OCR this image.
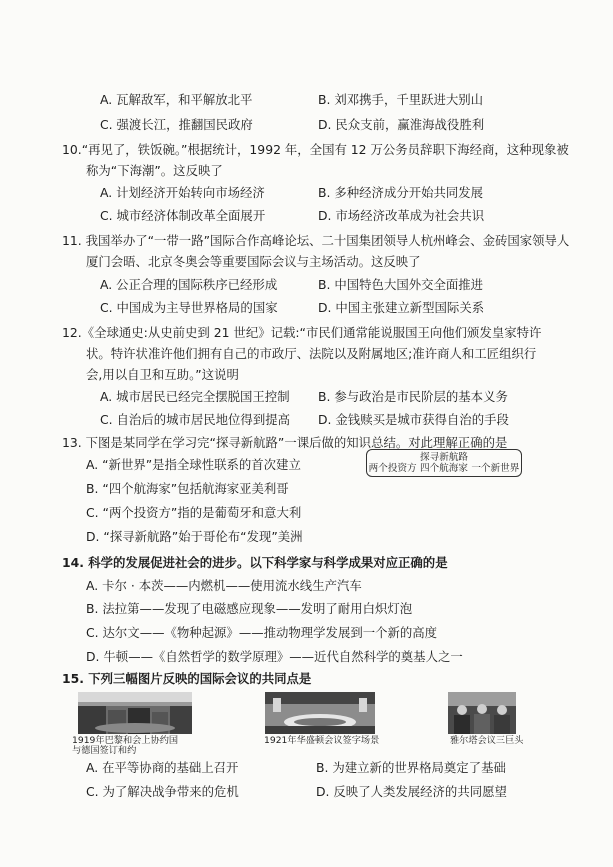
A. 瓦解敌军，和平解放北平	B. 刘邓携手，千里跃进大别山
C. 强渡长江，推翻国民政府	D. 民众支前，赢淮海战役胜利
10.“再见了，铁饭碗。”根据统计，1992 年，全国有 12 万公务员辞职下海经商，这种现象被
称为“下海潮”。这反映了
A. 计划经济开始转向市场经济	B. 多种经济成分开始共同发展
C. 城市经济体制改革全面展开	D. 市场经济改革成为社会共识
11. 我国举办了“一带一路”国际合作高峰论坛、二十国集团领导人杭州峰会、金砖国家领导人
厦门会晤、北京冬奥会等重要国际会议与主场活动。这反映了
A. 公正合理的国际秩序已经形成	B. 中国特色大国外交全面推进
C. 中国成为主导世界格局的国家	D. 中国主张建立新型国际关系
12.《全球通史:从史前史到 21 世纪》记载:“市民们通常能说服国王向他们颁发皇家特许
状。特许状准许他们拥有自己的市政厅、法院以及附属地区;准许商人和工匠组织行
会,用以自卫和互助。”这说明
A. 城市居民已经完全摆脱国王控制 B. 参与政治是市民阶层的基本义务
C. 自治后的城市居民地位得到提高 D. 金钱赎买是城市获得自治的手段
13. 下图是某同学在学习完“探寻新航路”一课后做的知识总结。对此理解正确的是
A. “新世界”是指全球性联系的首次建立
B. “四个航海家”包括航海家亚美利哥
C. “两个投资方”指的是葡萄牙和意大利
D. “探寻新航路”始于哥伦布“发现”美洲
探寻新航路
两个投资方 四个航海家 一个新世界
14. 科学的发展促进社会的进步。以下科学家与科学成果对应正确的是
A. 卡尔 · 本茨——内燃机——使用流水线生产汽车
B. 法拉第——发现了电磁感应现象——发明了耐用白炽灯泡
C. 达尔文——《物种起源》——推动物理学发展到一个新的高度
D. 牛顿——《自然哲学的数学原理》——近代自然科学的奠基人之一
15. 下列三幅图片反映的国际会议的共同点是
1919年巴黎和会上协约国
与德国签订和约
1921年华盛顿会议签字场景	雅尔塔会议三巨头
A. 在平等协商的基础上召开	B. 为建立新的世界格局奠定了基础
C. 为了解决战争带来的危机	D. 反映了人类发展经济的共同愿望
